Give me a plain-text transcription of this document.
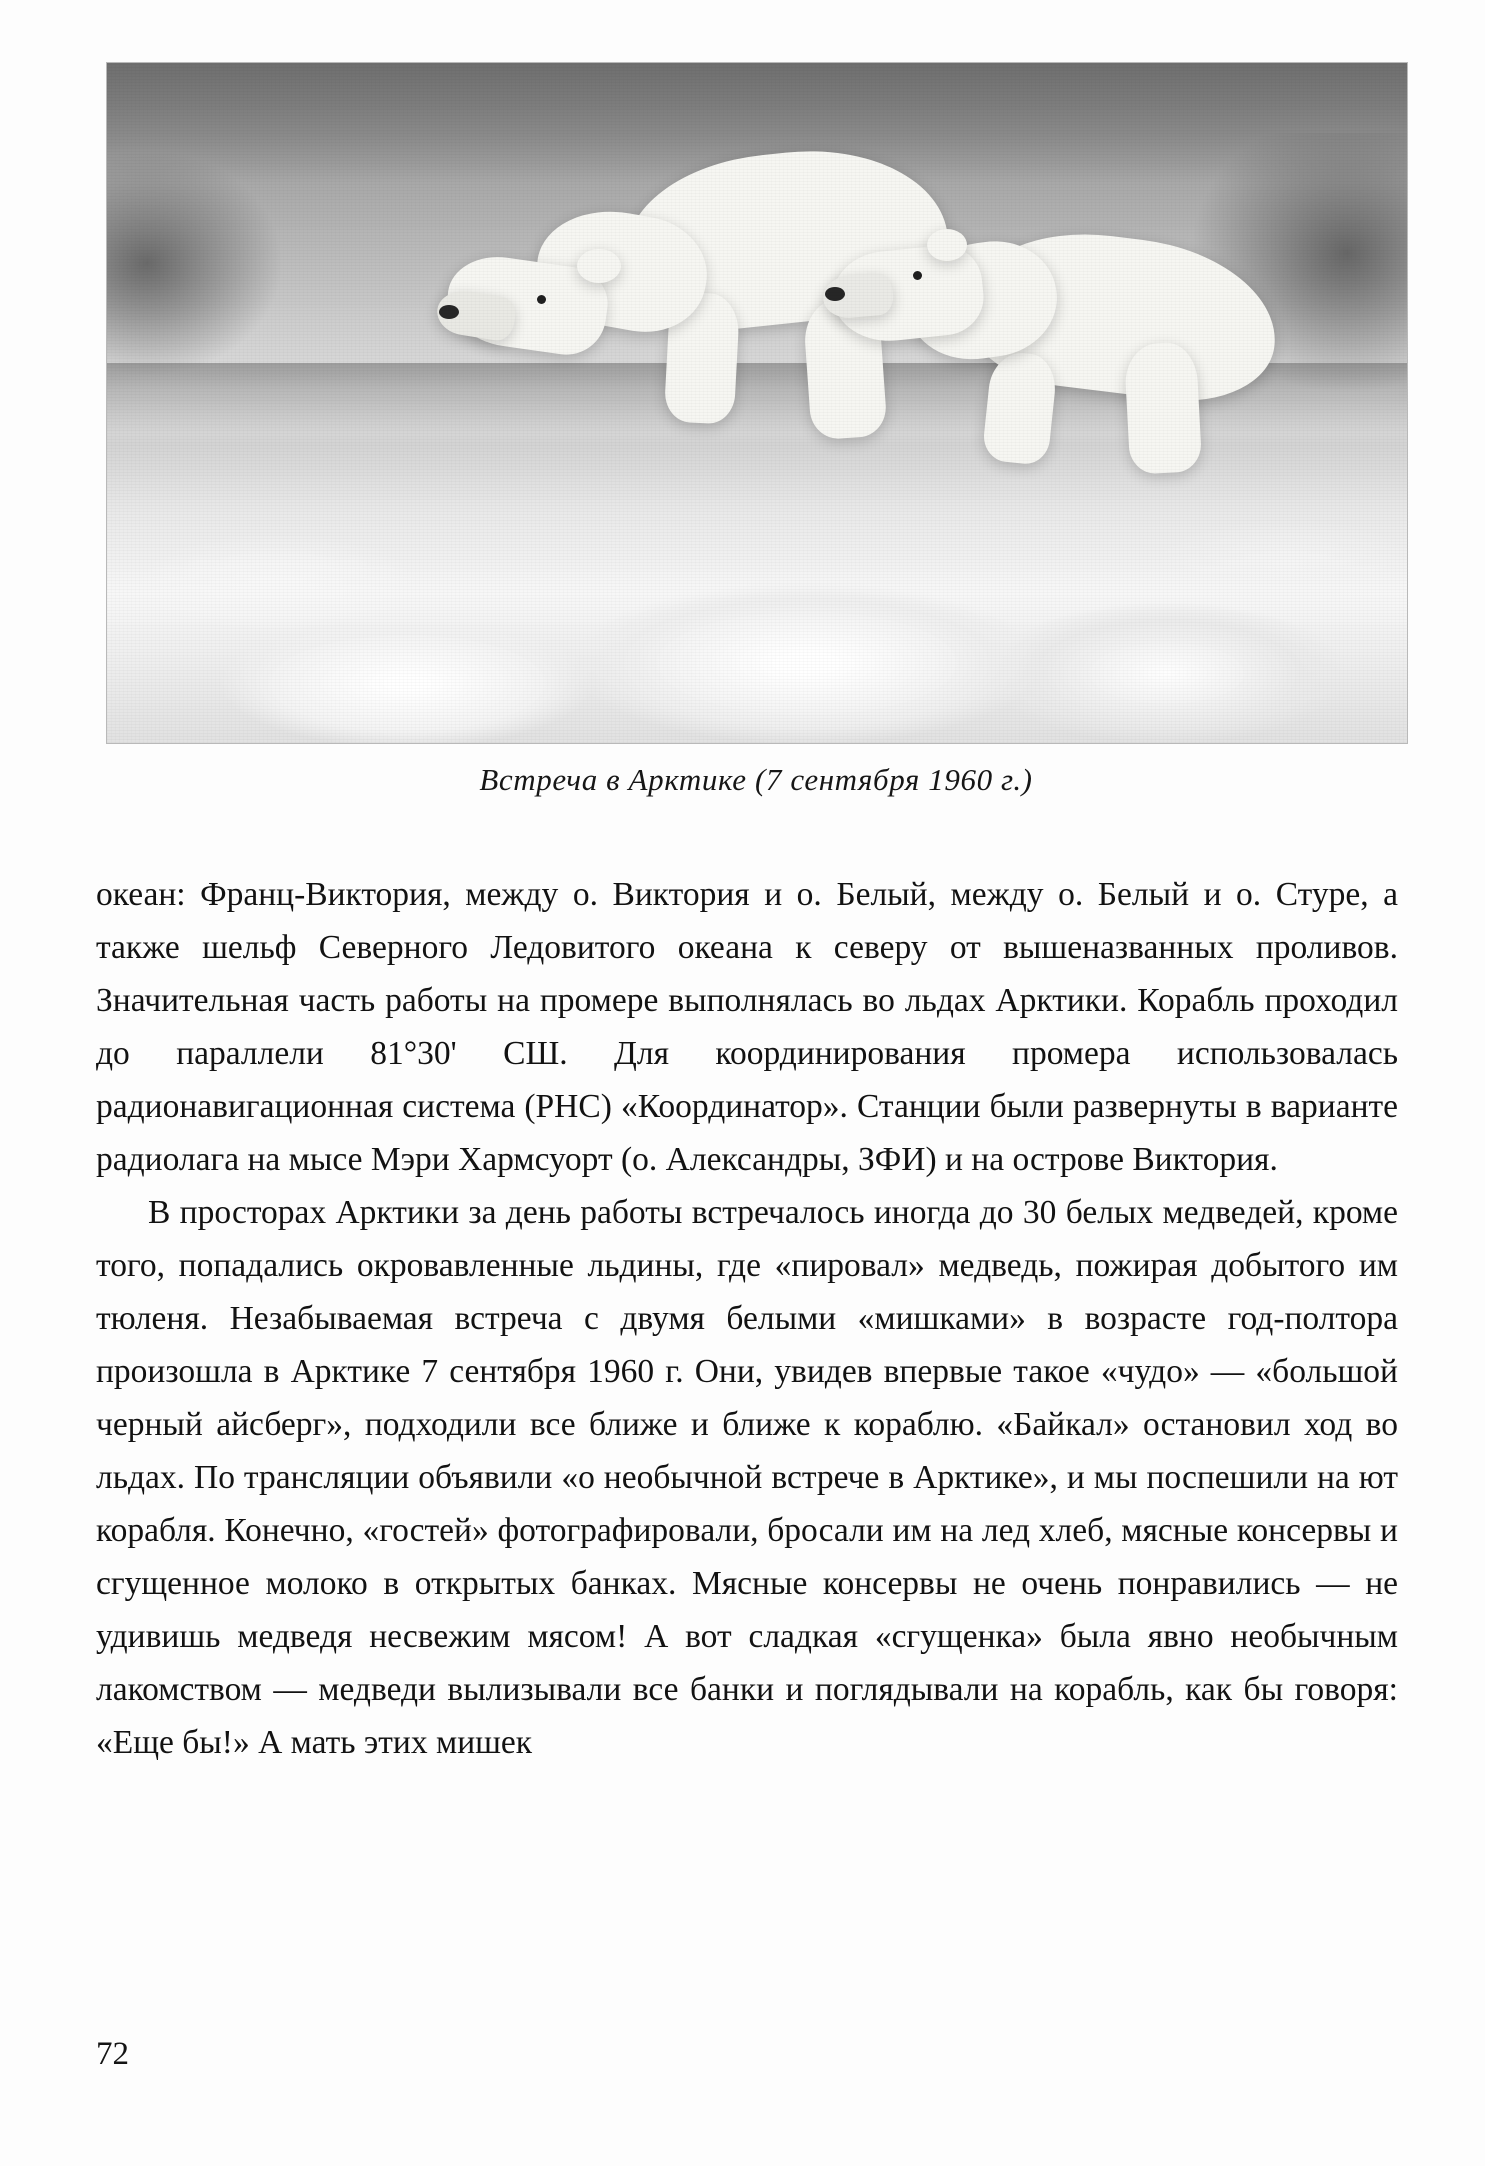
Встреча в Арктике (7 сентября 1960 г.)

океан: Франц-Виктория, между о. Виктория и о. Белый, между о. Белый и о. Стуре, а также шельф Северного Ледовитого океана к северу от вышеназванных проливов. Значительная часть работы на промере выполнялась во льдах Арктики. Корабль проходил до параллели 81°30' СШ. Для координирования промера использовалась радионавигационная система (РНС) «Координатор». Станции были развернуты в варианте радиолага на мысе Мэри Хармсуорт (о. Александры, ЗФИ) и на острове Виктория.

В просторах Арктики за день работы встречалось иногда до 30 белых медведей, кроме того, попадались окровавленные льдины, где «пировал» медведь, пожирая добытого им тюленя. Незабываемая встреча с двумя белыми «мишками» в возрасте год-полтора произошла в Арктике 7 сентября 1960 г. Они, увидев впервые такое «чудо» — «большой черный айсберг», подходили все ближе и ближе к кораблю. «Байкал» остановил ход во льдах. По трансляции объявили «о необычной встрече в Арктике», и мы поспешили на ют корабля. Конечно, «гостей» фотографировали, бросали им на лед хлеб, мясные консервы и сгущенное молоко в открытых банках. Мясные консервы не очень понравились — не удивишь медведя несвежим мясом! А вот сладкая «сгущенка» была явно необычным лакомством — медведи вылизывали все банки и поглядывали на корабль, как бы говоря: «Еще бы!» А мать этих мишек

72
